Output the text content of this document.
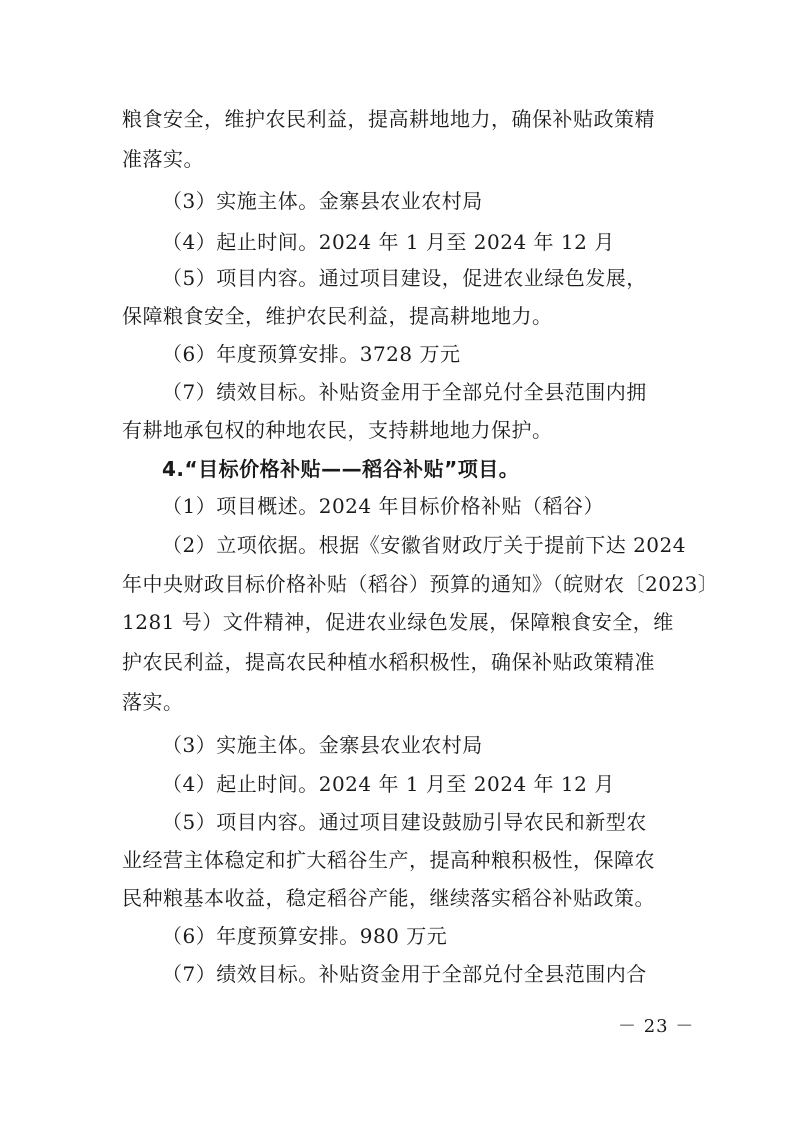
粮食安全，维护农民利益，提高耕地地力，确保补贴政策精
准落实。
（3）实施主体。金寨县农业农村局
（4）起止时间。2024 年 1 月至 2024 年 12 月
（5）项目内容。通过项目建设，促进农业绿色发展，
保障粮食安全，维护农民利益，提高耕地地力。
（6）年度预算安排。3728 万元
（7）绩效目标。补贴资金用于全部兑付全县范围内拥
有耕地承包权的种地农民，支持耕地地力保护。
4.“目标价格补贴——稻谷补贴”项目。
（1）项目概述。2024 年目标价格补贴（稻谷）
（2）立项依据。根据《安徽省财政厅关于提前下达 2024
年中央财政目标价格补贴（稻谷）预算的通知》（皖财农〔2023〕
1281 号）文件精神，促进农业绿色发展，保障粮食安全，维
护农民利益，提高农民种植水稻积极性，确保补贴政策精准
落实。
（3）实施主体。金寨县农业农村局
（4）起止时间。2024 年 1 月至 2024 年 12 月
（5）项目内容。通过项目建设鼓励引导农民和新型农
业经营主体稳定和扩大稻谷生产，提高种粮积极性，保障农
民种粮基本收益，稳定稻谷产能，继续落实稻谷补贴政策。
（6）年度预算安排。980 万元
（7）绩效目标。补贴资金用于全部兑付全县范围内合
－ 23 －
